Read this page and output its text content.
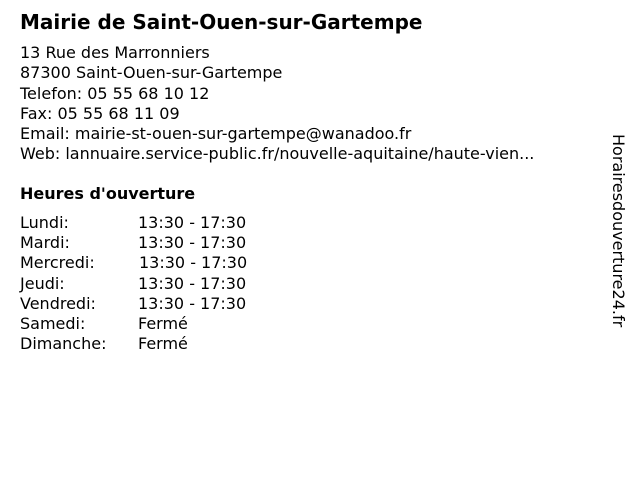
Mairie de Saint-Ouen-sur-Gartempe
13 Rue des Marronniers
87300 Saint-Ouen-sur-Gartempe
Telefon: 05 55 68 10 12
Fax: 05 55 68 11 09
Email: mairie-st-ouen-sur-gartempe@wanadoo.fr
Web: lannuaire.service-public.fr/nouvelle-aquitaine/haute-vien...
Heures d'ouverture
Lundi:	13:30 - 17:30
Mardi:	13:30 - 17:30
Mercredi:	13:30 - 17:30
Jeudi:	13:30 - 17:30
Vendredi:	13:30 - 17:30
Samedi:	Fermé
Dimanche: Fermé
Horairesdouverture24.fr
